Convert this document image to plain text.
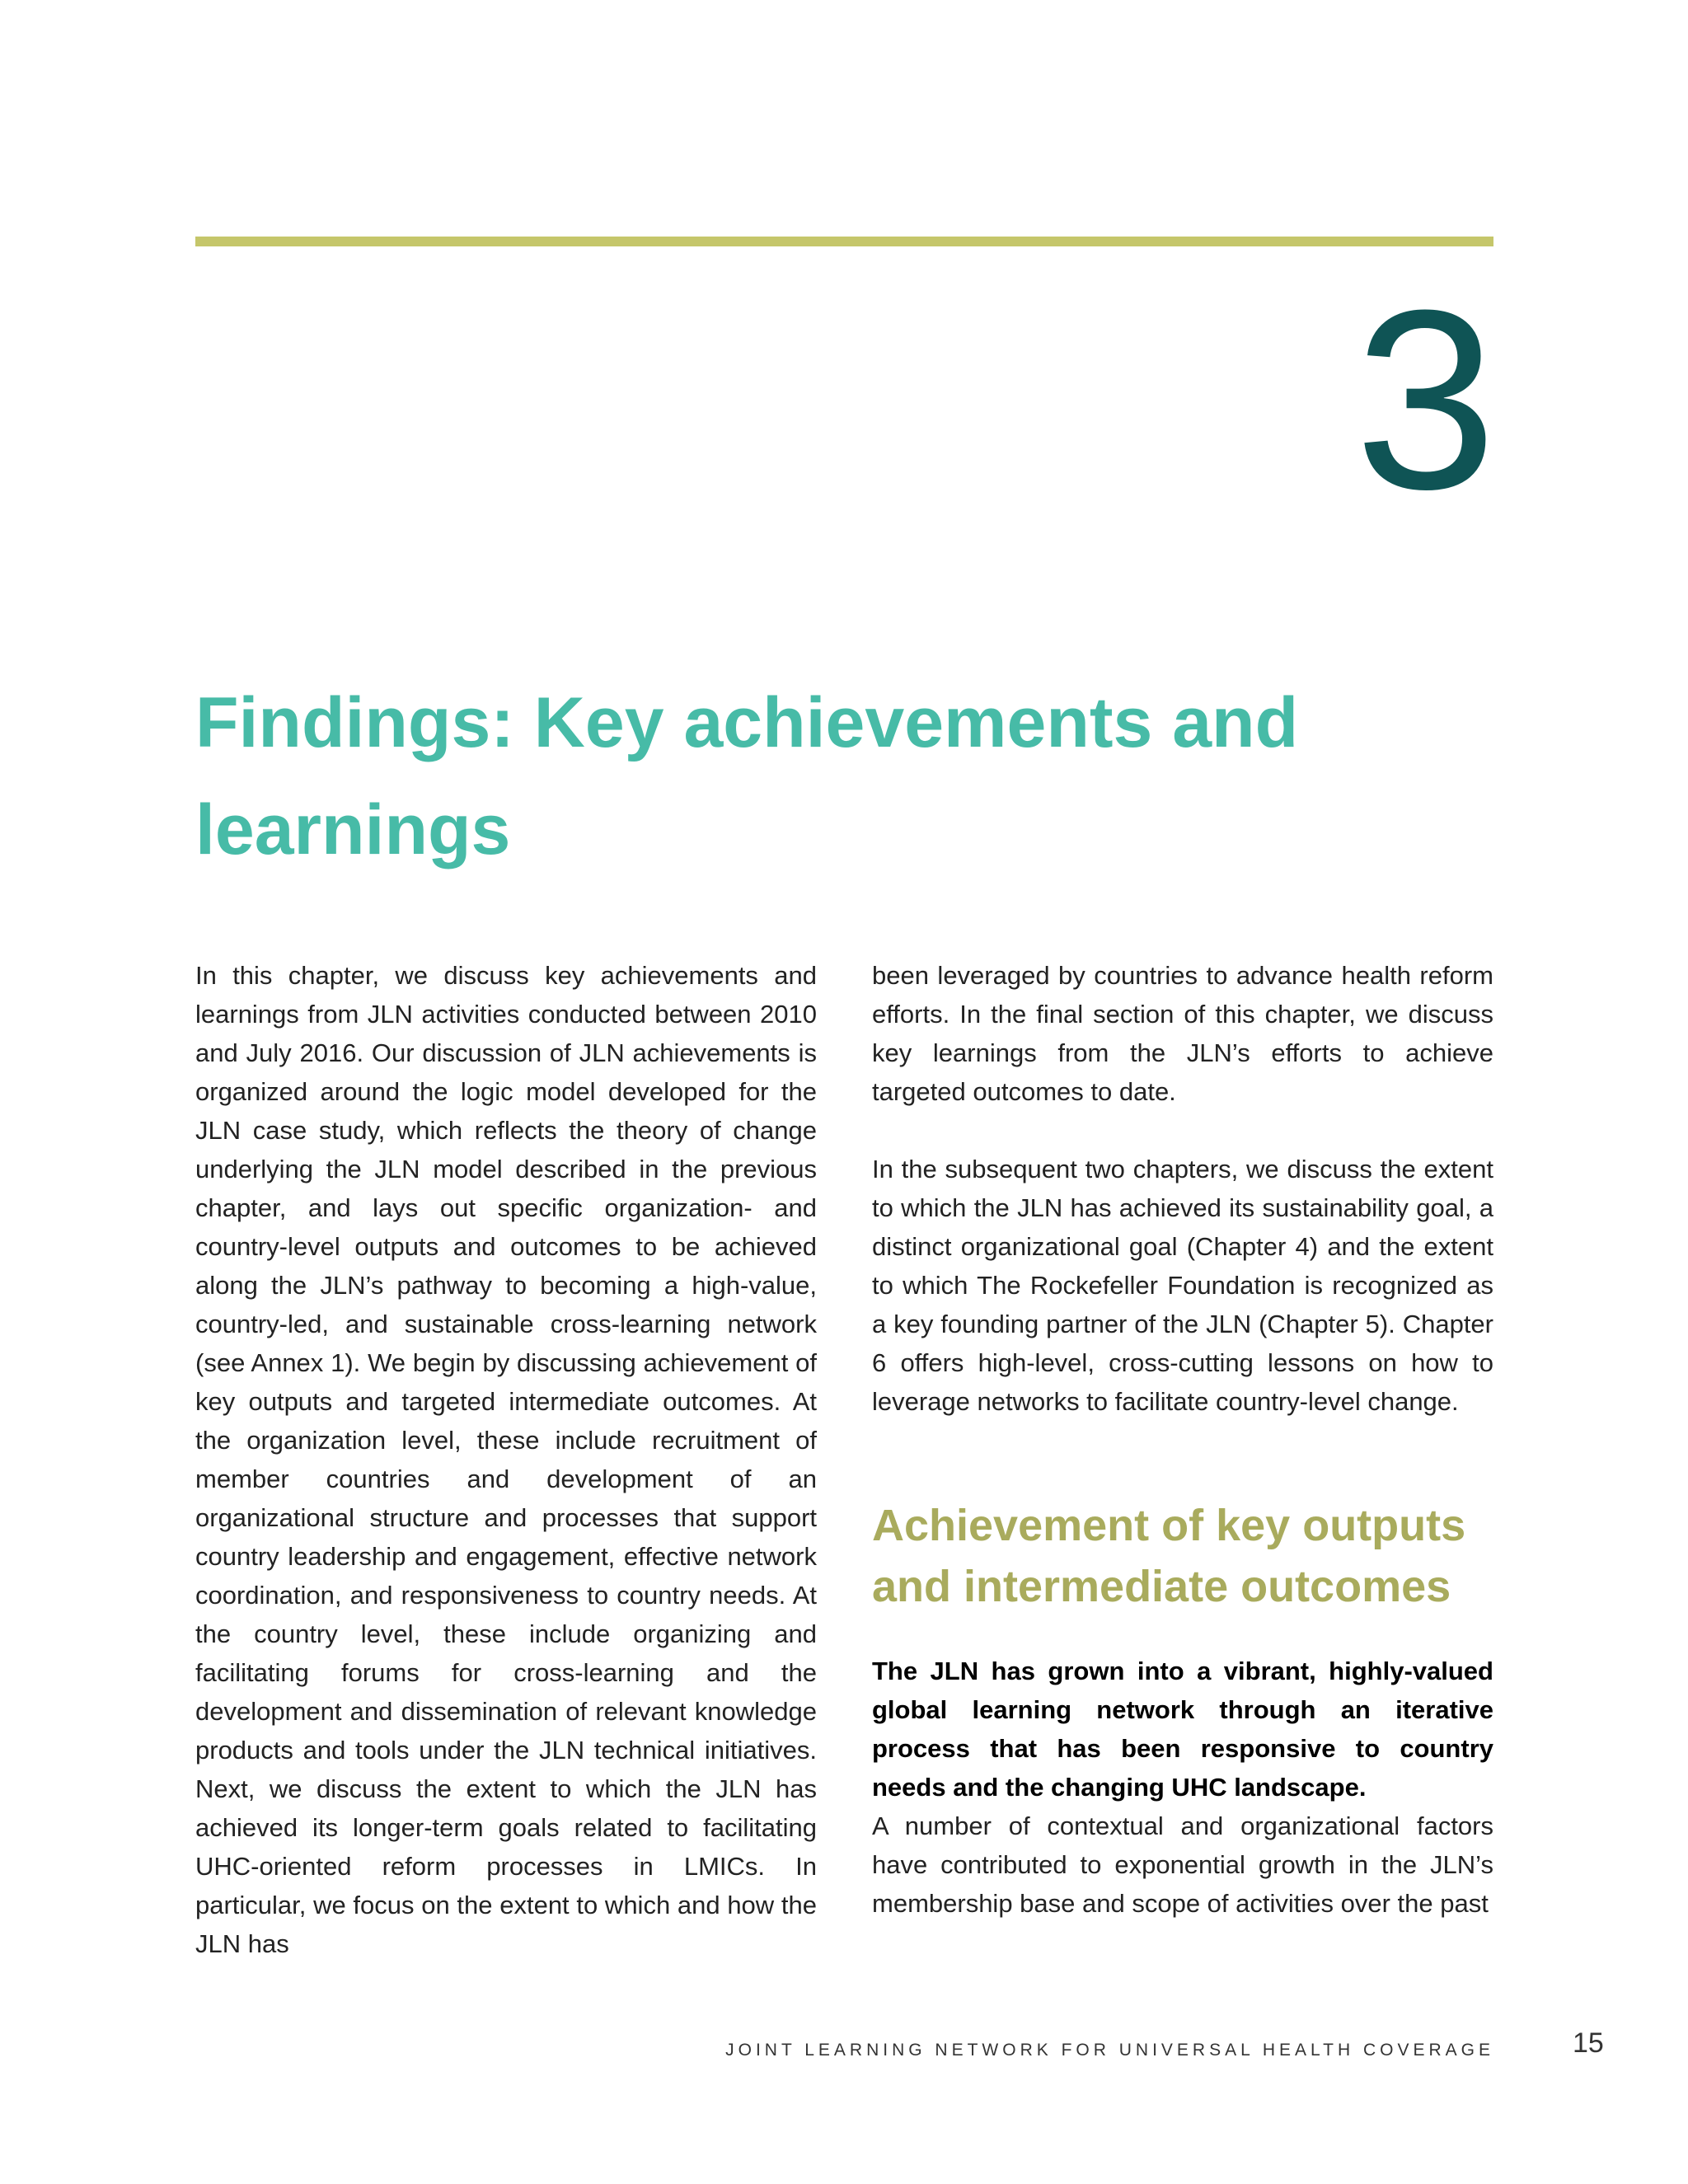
3
Findings: Key achievements and learnings

In this chapter, we discuss key achievements and learnings from JLN activities conducted between 2010 and July 2016. Our discussion of JLN achievements is organized around the logic model developed for the JLN case study, which reflects the theory of change underlying the JLN model described in the previous chapter, and lays out specific organization- and country-level outputs and outcomes to be achieved along the JLN’s pathway to becoming a high-value, country-led, and sustainable cross-learning network (see Annex 1). We begin by discussing achievement of key outputs and targeted intermediate outcomes. At the organization level, these include recruitment of member countries and development of an organizational structure and processes that support country leadership and engagement, effective network coordination, and responsiveness to country needs. At the country level, these include organizing and facilitating forums for cross-learning and the development and dissemination of relevant knowledge products and tools under the JLN technical initiatives. Next, we discuss the extent to which the JLN has achieved its longer-term goals related to facilitating UHC-oriented reform processes in LMICs. In particular, we focus on the extent to which and how the JLN has

been leveraged by countries to advance health reform efforts. In the final section of this chapter, we discuss key learnings from the JLN’s efforts to achieve targeted outcomes to date.

In the subsequent two chapters, we discuss the extent to which the JLN has achieved its sustainability goal, a distinct organizational goal (Chapter 4) and the extent to which The Rockefeller Foundation is recognized as a key founding partner of the JLN (Chapter 5). Chapter 6 offers high-level, cross-cutting lessons on how to leverage networks to facilitate country-level change.

Achievement of key outputs and intermediate outcomes

The JLN has grown into a vibrant, highly-valued global learning network through an iterative process that has been responsive to country needs and the changing UHC landscape.

A number of contextual and organizational factors have contributed to exponential growth in the JLN’s membership base and scope of activities over the past

JOINT LEARNING NETWORK FOR UNIVERSAL HEALTH COVERAGE	15
